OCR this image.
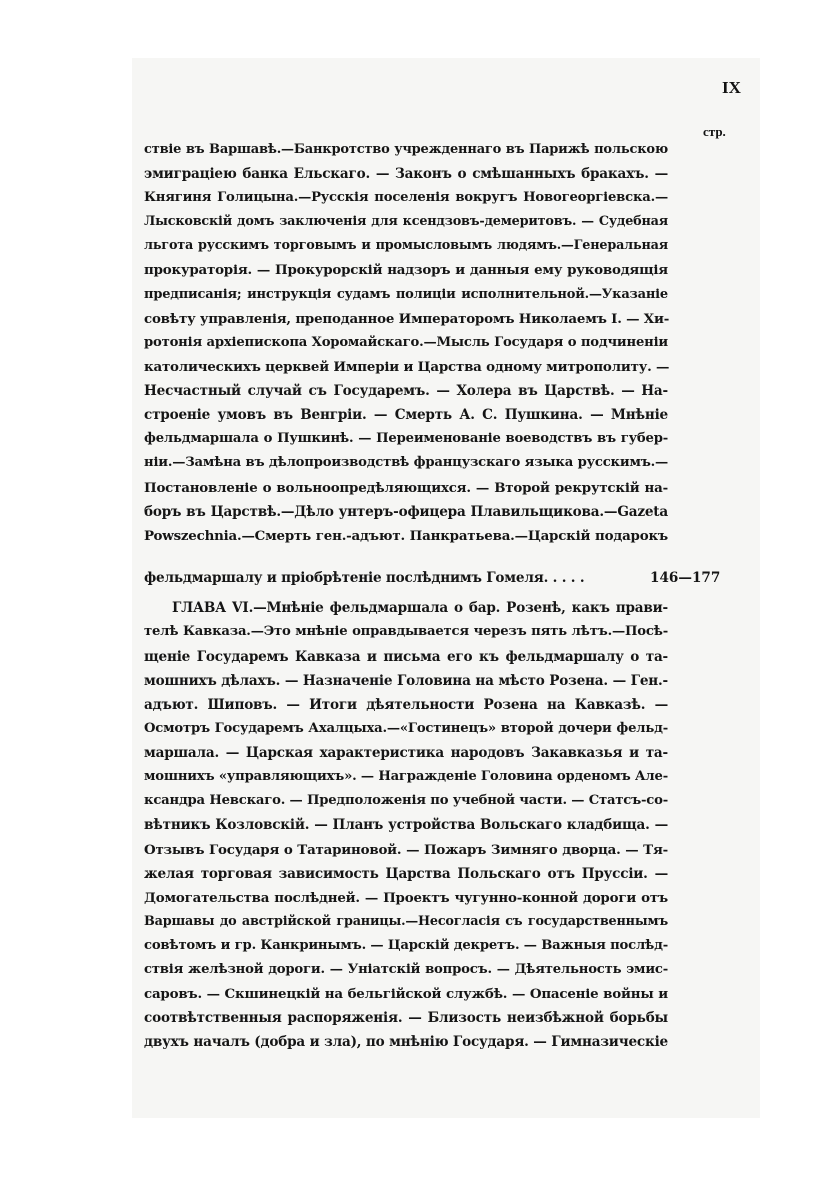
IX
стр.
ствіе въ Варшавѣ.—Банкротство учрежденнаго въ Парижѣ польскою
эмиграціею банка Ельскаго. — Законъ о смѣшанныхъ бракахъ. —
Княгиня Голицына.—Русскія поселенія вокругъ Новогеоргіевска.—
Лысковскій домъ заключенія для ксендзовъ-демеритовъ. — Судебная
льгота русскимъ торговымъ и промысловымъ людямъ.—Генеральная
прокураторія. — Прокурорскій надзоръ и данныя ему руководящія
предписанія; инструкція судамъ полиціи исполнительной.—Указаніе
совѣту управленія, преподанное Императоромъ Николаемъ І. — Хи-
ротонія архіепископа Хоромайскаго.—Мысль Государя о подчиненіи
католическихъ церквей Имперіи и Царства одному митрополиту. —
Несчастный случай съ Государемъ. — Холера въ Царствѣ. — На-
строеніе умовъ въ Венгріи. — Смерть А. С. Пушкина. — Мнѣніе
фельдмаршала о Пушкинѣ. — Переименованіе воеводствъ въ губер-
ніи.—Замѣна въ дѣлопроизводствѣ французскаго языка русскимъ.—
Постановленіе о вольноопредѣляющихся. — Второй рекрутскій на-
боръ въ Царствѣ.—Дѣло унтеръ-офицера Плавильщикова.—Gazeta
Powszechnia.—Смерть ген.-адъют. Панкратьева.—Царскій подарокъ
фельдмаршалу и пріобрѣтеніе послѣднимъ Гомеля. . . . .
ГЛАВА VI.—Мнѣніе фельдмаршала о бар. Розенѣ, какъ прави-
телѣ Кавказа.—Это мнѣніе оправдывается черезъ пять лѣтъ.—Посѣ-
щеніе Государемъ Кавказа и письма его къ фельдмаршалу о та-
мошнихъ дѣлахъ. — Назначеніе Головина на мѣсто Розена. — Ген.-
адъют. Шиповъ. — Итоги дѣятельности Розена на Кавказѣ. —
Осмотръ Государемъ Ахалцыха.—«Гостинецъ» второй дочери фельд-
маршала. — Царская характеристика народовъ Закавказья и та-
мошнихъ «управляющихъ». — Награжденіе Головина орденомъ Але-
ксандра Невскаго. — Предположенія по учебной части. — Статсъ-со-
вѣтникъ Козловскій. — Планъ устройства Вольскаго кладбища. —
Отзывъ Государя о Татариновой. — Пожаръ Зимняго дворца. — Тя-
желая торговая зависимость Царства Польскаго отъ Пруссіи. —
Домогательства послѣдней. — Проектъ чугунно-конной дороги отъ
Варшавы до австрійской границы.—Несогласія съ государственнымъ
совѣтомъ и гр. Канкринымъ. — Царскій декретъ. — Важныя послѣд-
ствія желѣзной дороги. — Уніатскій вопросъ. — Дѣятельность эмис-
саровъ. — Скшинецкій на бельгійской службѣ. — Опасеніе войны и
соотвѣтственныя распоряженія. — Близость неизбѣжной борьбы
двухъ началъ (добра и зла), по мнѣнію Государя. — Гимназическіе
146—177
